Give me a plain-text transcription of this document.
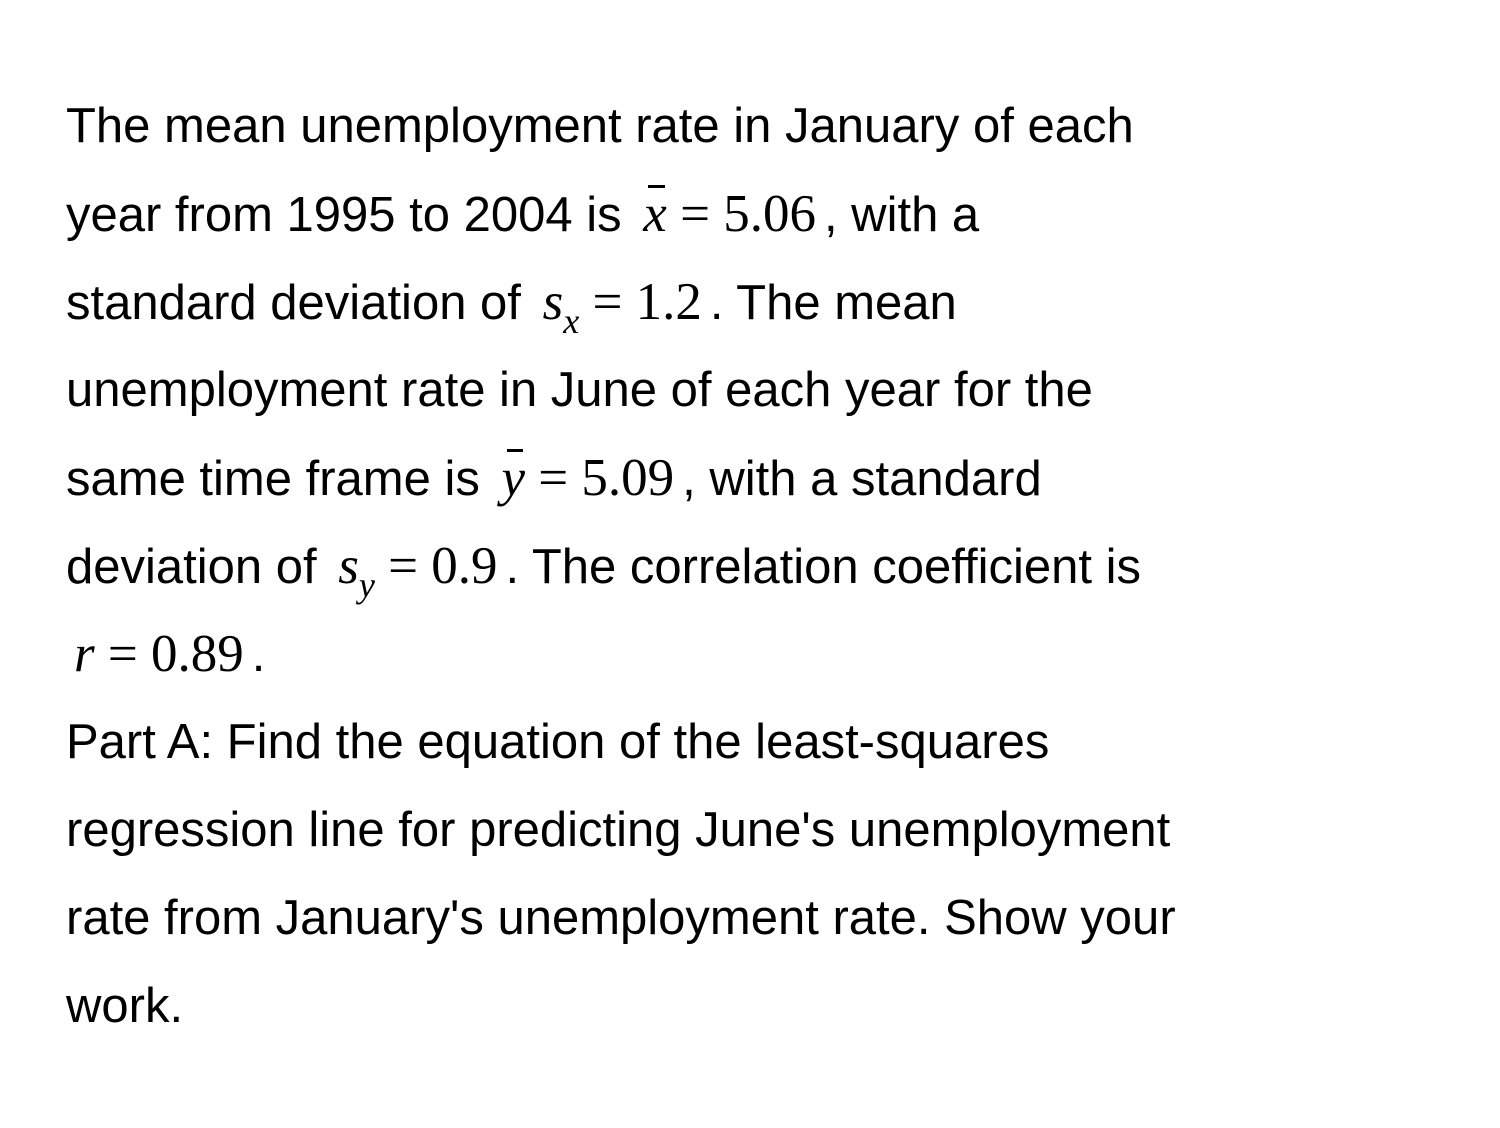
The mean unemployment rate in January of each
year from 1995 to 2004 is x = 5.06 , with a
standard deviation of $s_x = 1.2$ . The mean
unemployment rate in June of each year for the
same time frame is y = 5.09 , with a standard
deviation of $s_y = 0.9$ . The correlation coefficient is
r = 0.89 .
Part A: Find the equation of the least-squares
regression line for predicting June's unemployment
rate from January's unemployment rate. Show your
work.
